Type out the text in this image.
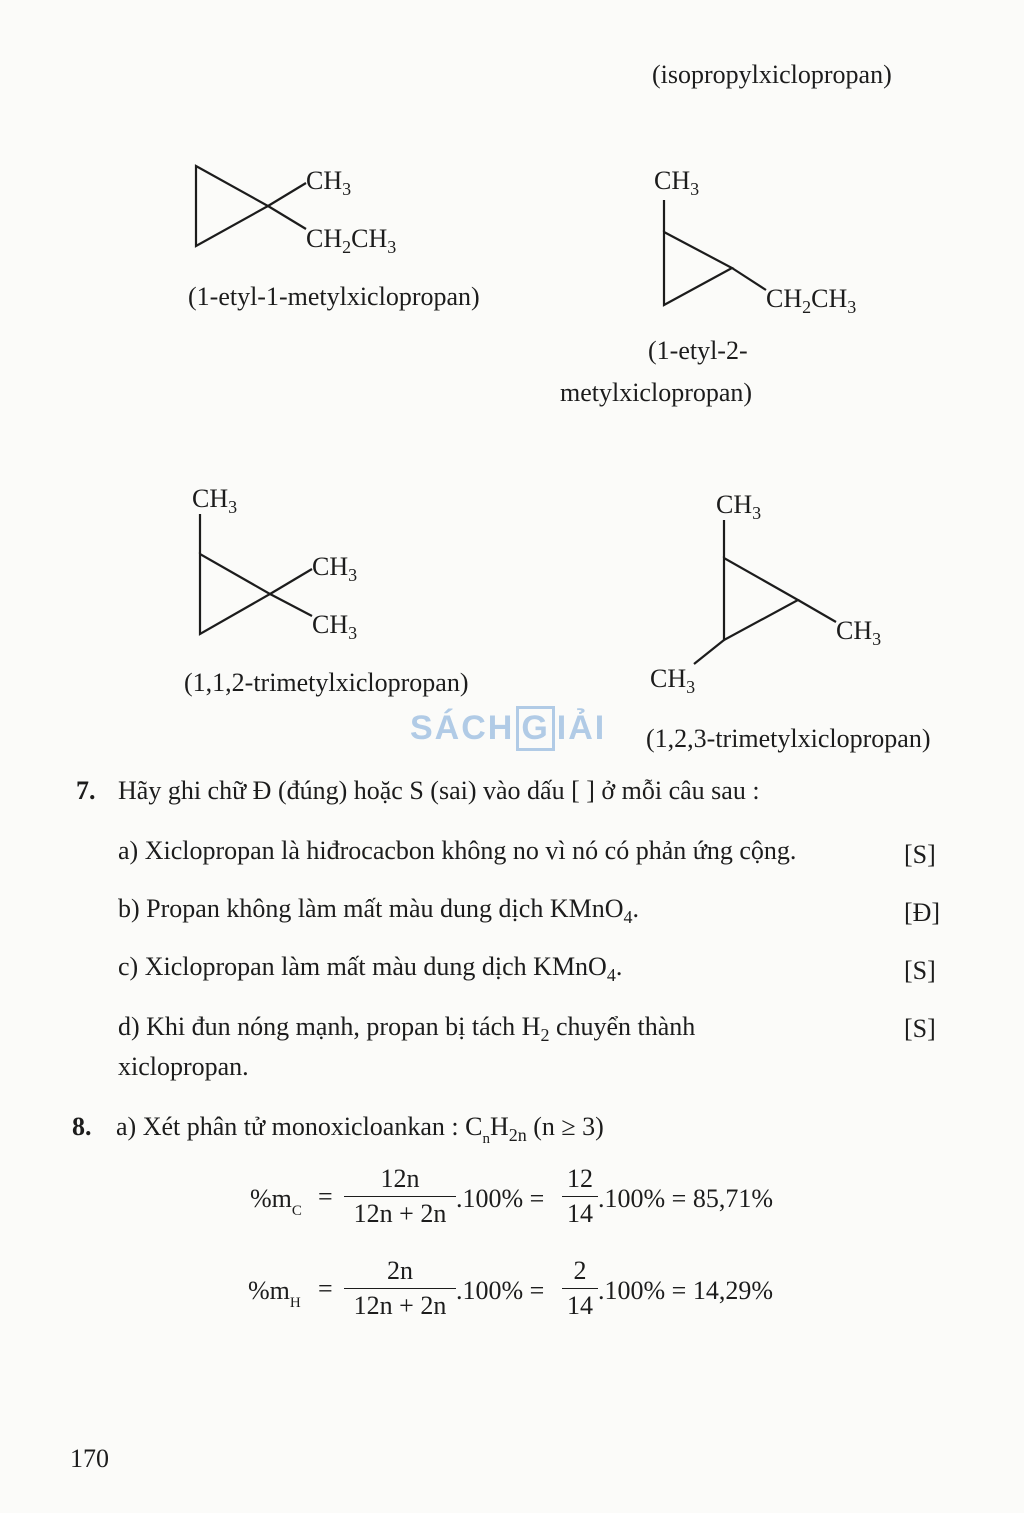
(isopropylxiclopropan)
$CH_3$
$CH_2CH_3$
(1-etyl-1-metylxiclopropan)
$CH_3$
$CH_2CH_3$
(1-etyl-2-
metylxiclopropan)
$CH_3$
$CH_3$
$CH_3$
(1,1,2-trimetylxiclopropan)
$CH_3$
$CH_3$
$CH_3$
(1,2,3-trimetylxiclopropan)
SÁCH G IẢI
7. Hãy ghi chữ Đ (đúng) hoặc S (sai) vào dấu [ ] ở mỗi câu sau :
a) Xiclopropan là hiđrocacbon không no vì nó có phản ứng cộng.	[S]
b) Propan không làm mất màu dung dịch KMnO$_4$.	[Đ]
c) Xiclopropan làm mất màu dung dịch KMnO$_4$.	[S]
d) Khi đun nóng mạnh, propan bị tách $H_2$ chuyển thành	[S]
xiclopropan.
8. a) Xét phân tử monoxicloankan : $C_nH_{2n}$ (n ≥ 3)
$\%m_C = \frac{12n}{12n + 2n} .100\% = \frac{12}{14} .100\% = 85,71\%$
$\%m_H = \frac{2n}{12n + 2n} .100\% = \frac{2}{14} .100\% = 14,29\%$
170
